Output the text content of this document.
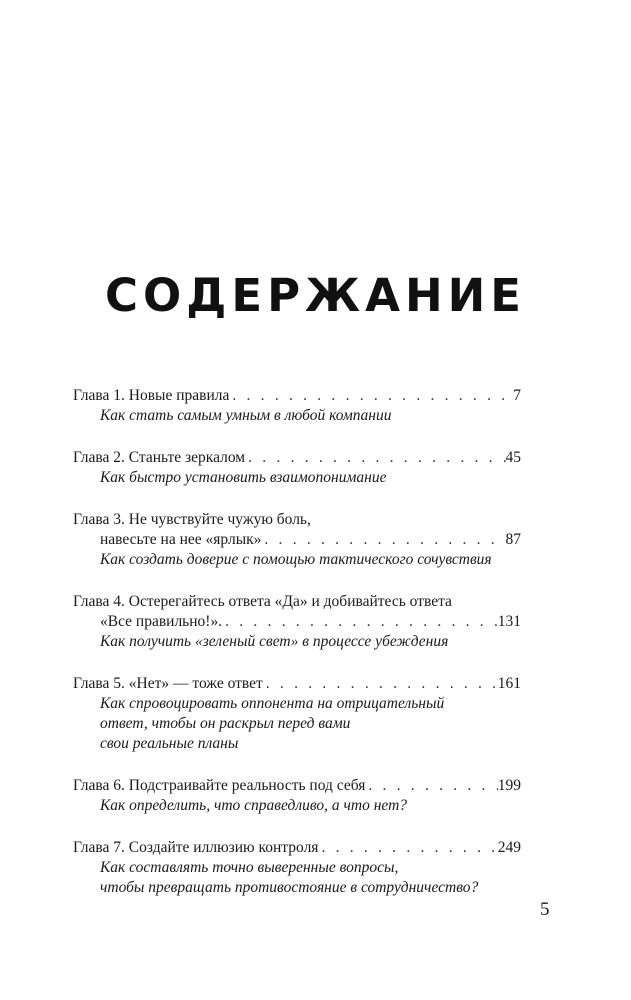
СОДЕРЖАНИЕ
Глава 1. Новые правила . . .	7
Как стать самым умным в любой компании
Глава 2. Станьте зеркалом . . .	45
Как быстро установить взаимопонимание
Глава 3. Не чувствуйте чужую боль,
навесьте на нее «ярлык» . . .	87
Как создать доверие с помощью тактического сочувствия
Глава 4. Остерегайтесь ответа «Да» и добивайтесь ответа
«Все правильно!». . . .	131
Как получить «зеленый свет» в процессе убеждения
Глава 5. «Нет» — тоже ответ . . .	161
Как спровоцировать оппонента на отрицательный
ответ, чтобы он раскрыл перед вами
свои реальные планы
Глава 6. Подстраивайте реальность под себя . . .	199
Как определить, что справедливо, а что нет?
Глава 7. Создайте иллюзию контроля . . .	249
Как составлять точно выверенные вопросы,
чтобы превращать противостояние в сотрудничество?
5
